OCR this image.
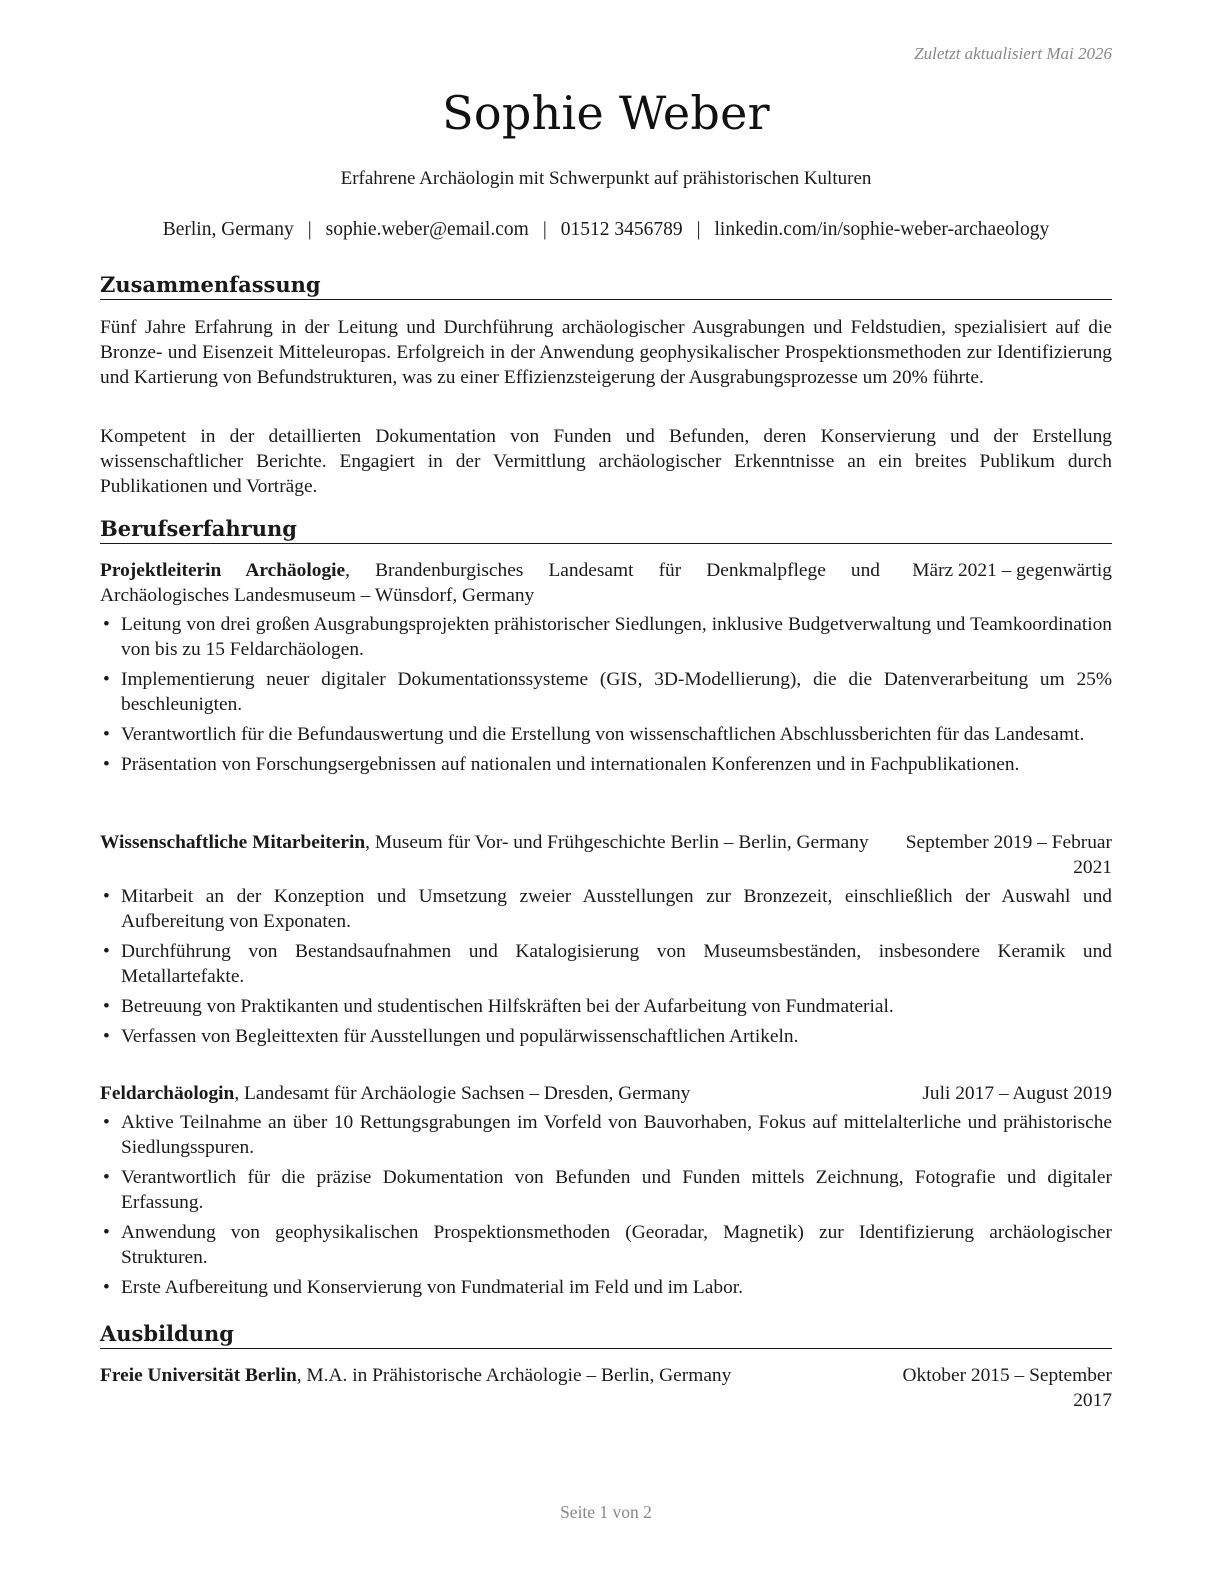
Zuletzt aktualisiert Mai 2026
Sophie Weber
Erfahrene Archäologin mit Schwerpunkt auf prähistorischen Kulturen
Berlin, Germany | sophie.weber@email.com | 01512 3456789 | linkedin.com/in/sophie-weber-archaeology
Zusammenfassung

Fünf Jahre Erfahrung in der Leitung und Durchführung archäologischer Ausgrabungen und Feldstudien, spezialisiert auf die Bronze- und Eisenzeit Mitteleuropas. Erfolgreich in der Anwendung geophysikalischer Prospektionsmethoden zur Identifizierung und Kartierung von Befundstrukturen, was zu einer Effizienzsteigerung der Ausgrabungsprozesse um 20% führte.

Kompetent in der detaillierten Dokumentation von Funden und Befunden, deren Konservierung und der Erstellung wissenschaftlicher Berichte. Engagiert in der Vermittlung archäologischer Erkenntnisse an ein breites Publikum durch Publikationen und Vorträge.

Berufserfahrung
Projektleiterin Archäologie, Brandenburgisches Landesamt für Denkmalpflege und Archäologisches Landesmuseum – Wünsdorf, Germany
März 2021 – gegenwärtig
• Leitung von drei großen Ausgrabungsprojekten prähistorischer Siedlungen, inklusive Budgetverwaltung und Teamkoordination von bis zu 15 Feldarchäologen.
• Implementierung neuer digitaler Dokumentationssysteme (GIS, 3D-Modellierung), die die Datenverarbeitung um 25% beschleunigten.
• Verantwortlich für die Befundauswertung und die Erstellung von wissenschaftlichen Abschlussberichten für das Landesamt.
• Präsentation von Forschungsergebnissen auf nationalen und internationalen Konferenzen und in Fachpublikationen.
Wissenschaftliche Mitarbeiterin, Museum für Vor- und Frühgeschichte Berlin – Berlin, Germany	September 2019 – Februar 2021
• Mitarbeit an der Konzeption und Umsetzung zweier Ausstellungen zur Bronzezeit, einschließlich der Auswahl und Aufbereitung von Exponaten.
• Durchführung von Bestandsaufnahmen und Katalogisierung von Museumsbeständen, insbesondere Keramik und Metallartefakte.
• Betreuung von Praktikanten und studentischen Hilfskräften bei der Aufarbeitung von Fundmaterial.
• Verfassen von Begleittexten für Ausstellungen und populärwissenschaftlichen Artikeln.
Feldarchäologin, Landesamt für Archäologie Sachsen – Dresden, Germany	Juli 2017 – August 2019
• Aktive Teilnahme an über 10 Rettungsgrabungen im Vorfeld von Bauvorhaben, Fokus auf mittelalterliche und prähistorische Siedlungsspuren.
• Verantwortlich für die präzise Dokumentation von Befunden und Funden mittels Zeichnung, Fotografie und digitaler Erfassung.
• Anwendung von geophysikalischen Prospektionsmethoden (Georadar, Magnetik) zur Identifizierung archäologischer Strukturen.
• Erste Aufbereitung und Konservierung von Fundmaterial im Feld und im Labor.
Ausbildung
Freie Universität Berlin, M.A. in Prähistorische Archäologie – Berlin, Germany	Oktober 2015 – September 2017
Seite 1 von 2
